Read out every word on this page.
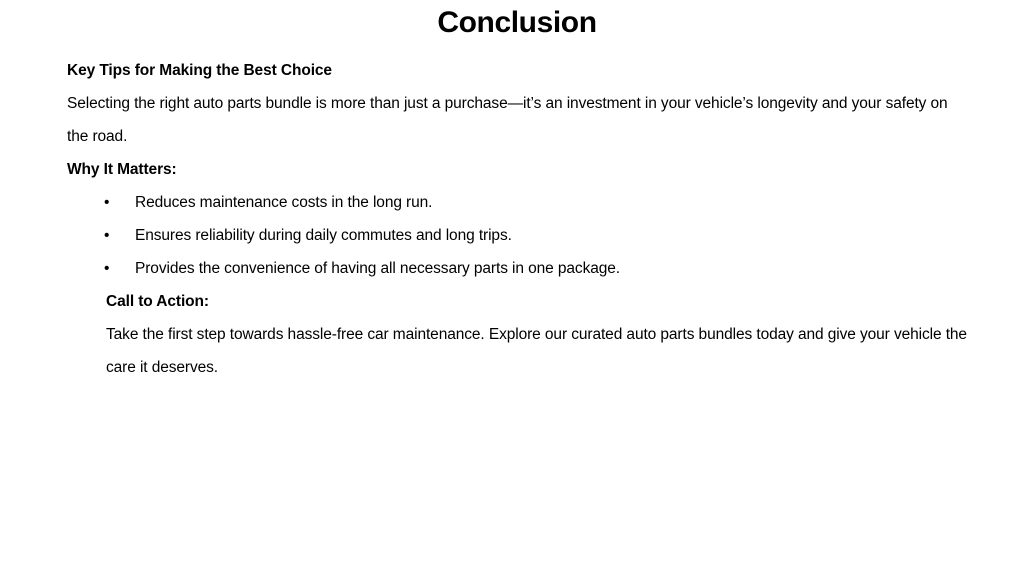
Conclusion

Key Tips for Making the Best Choice

Selecting the right auto parts bundle is more than just a purchase—it’s an investment in your vehicle’s longevity and your safety on the road.

Why It Matters:

• Reduces maintenance costs in the long run.
• Ensures reliability during daily commutes and long trips.
• Provides the convenience of having all necessary parts in one package.

Call to Action:

Take the first step towards hassle-free car maintenance. Explore our curated auto parts bundles today and give your vehicle the care it deserves.
